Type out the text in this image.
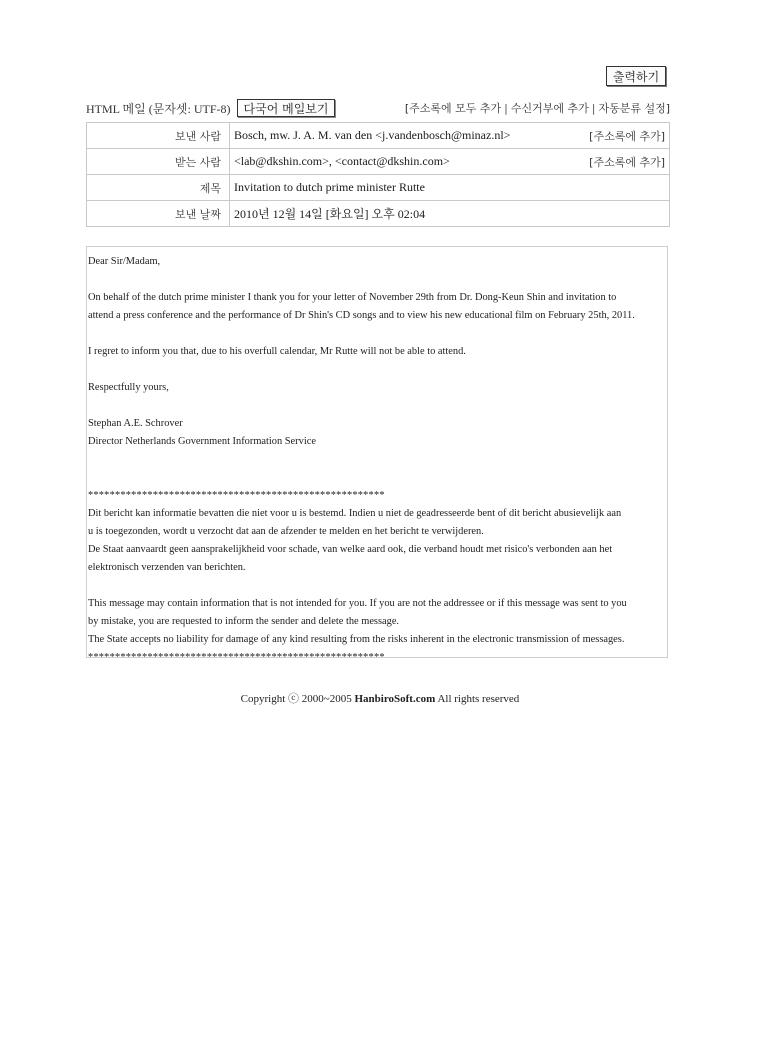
출력하기
HTML 메일 (문자셋: UTF-8)	다국어 메일보기	[주소록에 모두 추가 | 수신거부에 추가 | 자동분류 설정]
보낸 사람	Bosch, mw. J. A. M. van den <j.vandenbosch@minaz.nl> [주소록에 추가]

받는 사람	<lab@dkshin.com>, <contact@dkshin.com> [주소록에 추가]

제목	Invitation to dutch prime minister Rutte
보낸 날짜	2010년 12월 14일 [화요일] 오후 02:04

Dear Sir/Madam,

On behalf of the dutch prime minister I thank you for your letter of November 29th from Dr. Dong-Keun Shin and invitation to

attend a press conference and the performance of Dr Shin's CD songs and to view his new educational film on February 25th, 2011.

I regret to inform you that, due to his overfull calendar, Mr Rutte will not be able to attend.

Respectfully yours,

Stephan A.E. Schrover

Director Netherlands Government Information Service

*******************************************************

Dit bericht kan informatie bevatten die niet voor u is bestemd. Indien u niet de geadresseerde bent of dit bericht abusievelijk aan

u is toegezonden, wordt u verzocht dat aan de afzender te melden en het bericht te verwijderen.

De Staat aanvaardt geen aansprakelijkheid voor schade, van welke aard ook, die verband houdt met risico's verbonden aan het

elektronisch verzenden van berichten.

This message may contain information that is not intended for you. If you are not the addressee or if this message was sent to you

by mistake, you are requested to inform the sender and delete the message.

The State accepts no liability for damage of any kind resulting from the risks inherent in the electronic transmission of messages.

*******************************************************

Copyright ⓒ 2000~2005 HanbiroSoft.com All rights reserved
